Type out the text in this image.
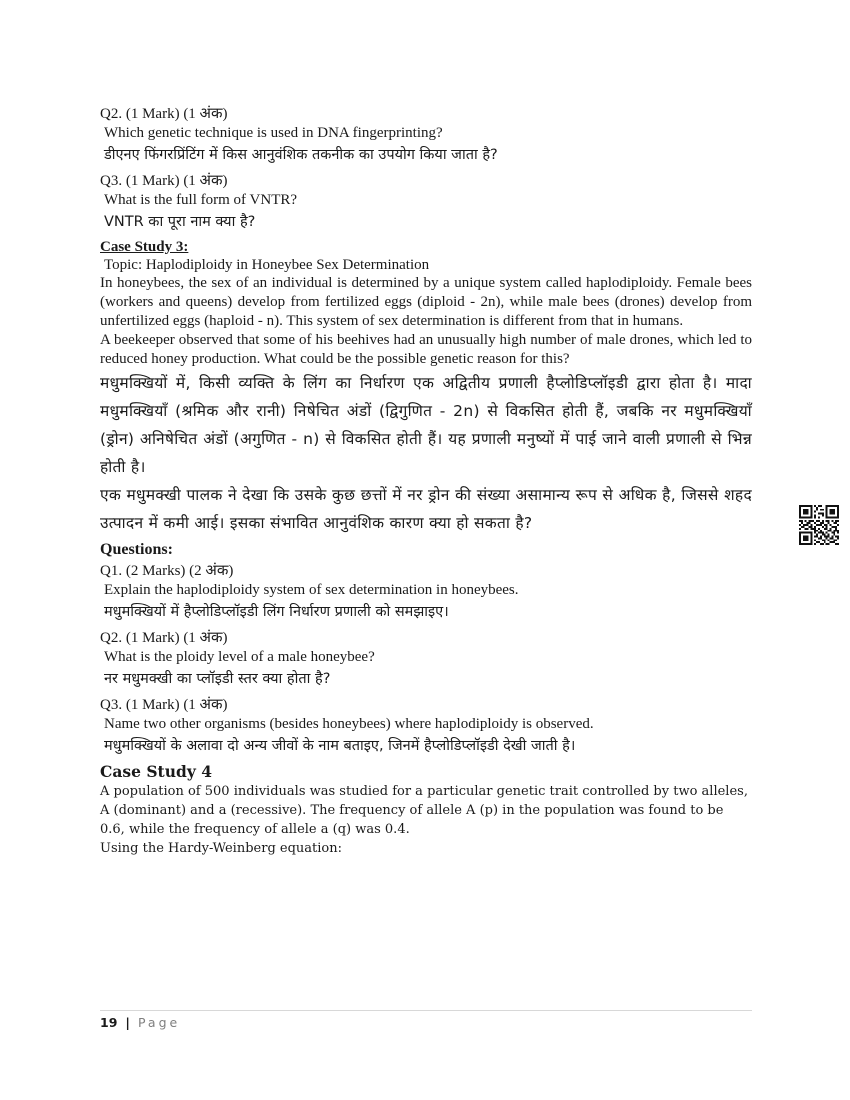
Q2. (1 Mark) (1 अंक)

Which genetic technique is used in DNA fingerprinting?

डीएनए फिंगरप्रिंटिंग में किस आनुवंशिक तकनीक का उपयोग किया जाता है?

Q3. (1 Mark) (1 अंक)

What is the full form of VNTR?

VNTR का पूरा नाम क्या है?

Case Study 3:

Topic: Haplodiploidy in Honeybee Sex Determination

In honeybees, the sex of an individual is determined by a unique system called haplodiploidy. Female bees (workers and queens) develop from fertilized eggs (diploid - 2n), while male bees (drones) develop from unfertilized eggs (haploid - n). This system of sex determination is different from that in humans.

A beekeeper observed that some of his beehives had an unusually high number of male drones, which led to reduced honey production. What could be the possible genetic reason for this?

मधुमक्खियों में, किसी व्यक्ति के लिंग का निर्धारण एक अद्वितीय प्रणाली हैप्लोडिप्लॉइडी द्वारा होता है। मादा मधुमक्खियाँ (श्रमिक और रानी) निषेचित अंडों (द्विगुणित - 2n) से विकसित होती हैं, जबकि नर मधुमक्खियाँ (ड्रोन) अनिषेचित अंडों (अगुणित - n) से विकसित होती हैं। यह प्रणाली मनुष्यों में पाई जाने वाली प्रणाली से भिन्न होती है।

एक मधुमक्खी पालक ने देखा कि उसके कुछ छत्तों में नर ड्रोन की संख्या असामान्य रूप से अधिक है, जिससे शहद उत्पादन में कमी आई। इसका संभावित आनुवंशिक कारण क्या हो सकता है?

Questions:

Q1. (2 Marks) (2 अंक)

Explain the haplodiploidy system of sex determination in honeybees.

मधुमक्खियों में हैप्लोडिप्लॉइडी लिंग निर्धारण प्रणाली को समझाइए।

Q2. (1 Mark) (1 अंक)

What is the ploidy level of a male honeybee?

नर मधुमक्खी का प्लॉइडी स्तर क्या होता है?

Q3. (1 Mark) (1 अंक)

Name two other organisms (besides honeybees) where haplodiploidy is observed.

मधुमक्खियों के अलावा दो अन्य जीवों के नाम बताइए, जिनमें हैप्लोडिप्लॉइडी देखी जाती है।

Case Study 4

A population of 500 individuals was studied for a particular genetic trait controlled by two alleles, A (dominant) and a (recessive). The frequency of allele A (p) in the population was found to be 0.6, while the frequency of allele a (q) was 0.4.

Using the Hardy-Weinberg equation:

19 | Page
